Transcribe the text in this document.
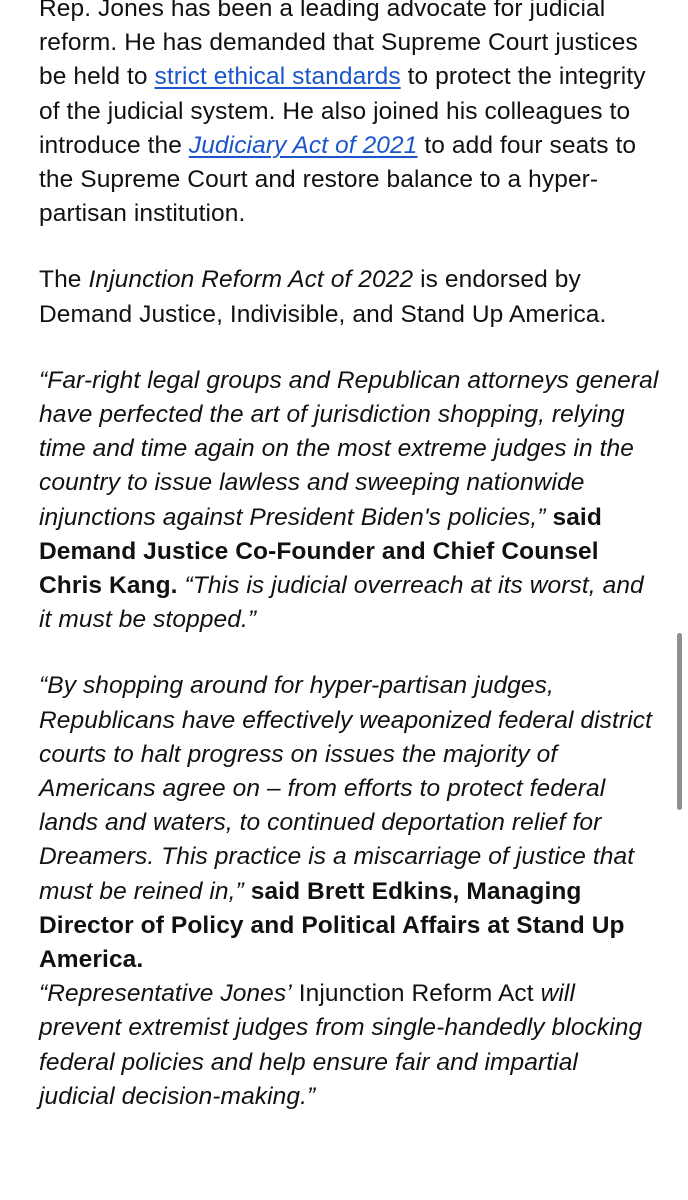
Rep. Jones has been a leading advocate for judicial reform. He has demanded that Supreme Court justices be held to strict ethical standards to protect the integrity of the judicial system. He also joined his colleagues to introduce the Judiciary Act of 2021 to add four seats to the Supreme Court and restore balance to a hyper-partisan institution.

The Injunction Reform Act of 2022 is endorsed by Demand Justice, Indivisible, and Stand Up America.

“Far-right legal groups and Republican attorneys general have perfected the art of jurisdiction shopping, relying time and time again on the most extreme judges in the country to issue lawless and sweeping nationwide injunctions against President Biden's policies,” said Demand Justice Co-Founder and Chief Counsel Chris Kang. “This is judicial overreach at its worst, and it must be stopped.”

“By shopping around for hyper-partisan judges, Republicans have effectively weaponized federal district courts to halt progress on issues the majority of Americans agree on – from efforts to protect federal lands and waters, to continued deportation relief for Dreamers. This practice is a miscarriage of justice that must be reined in,” said Brett Edkins, Managing Director of Policy and Political Affairs at Stand Up America.

“Representative Jones’ Injunction Reform Act will prevent extremist judges from single-handedly blocking federal policies and help ensure fair and impartial judicial decision-making.”
